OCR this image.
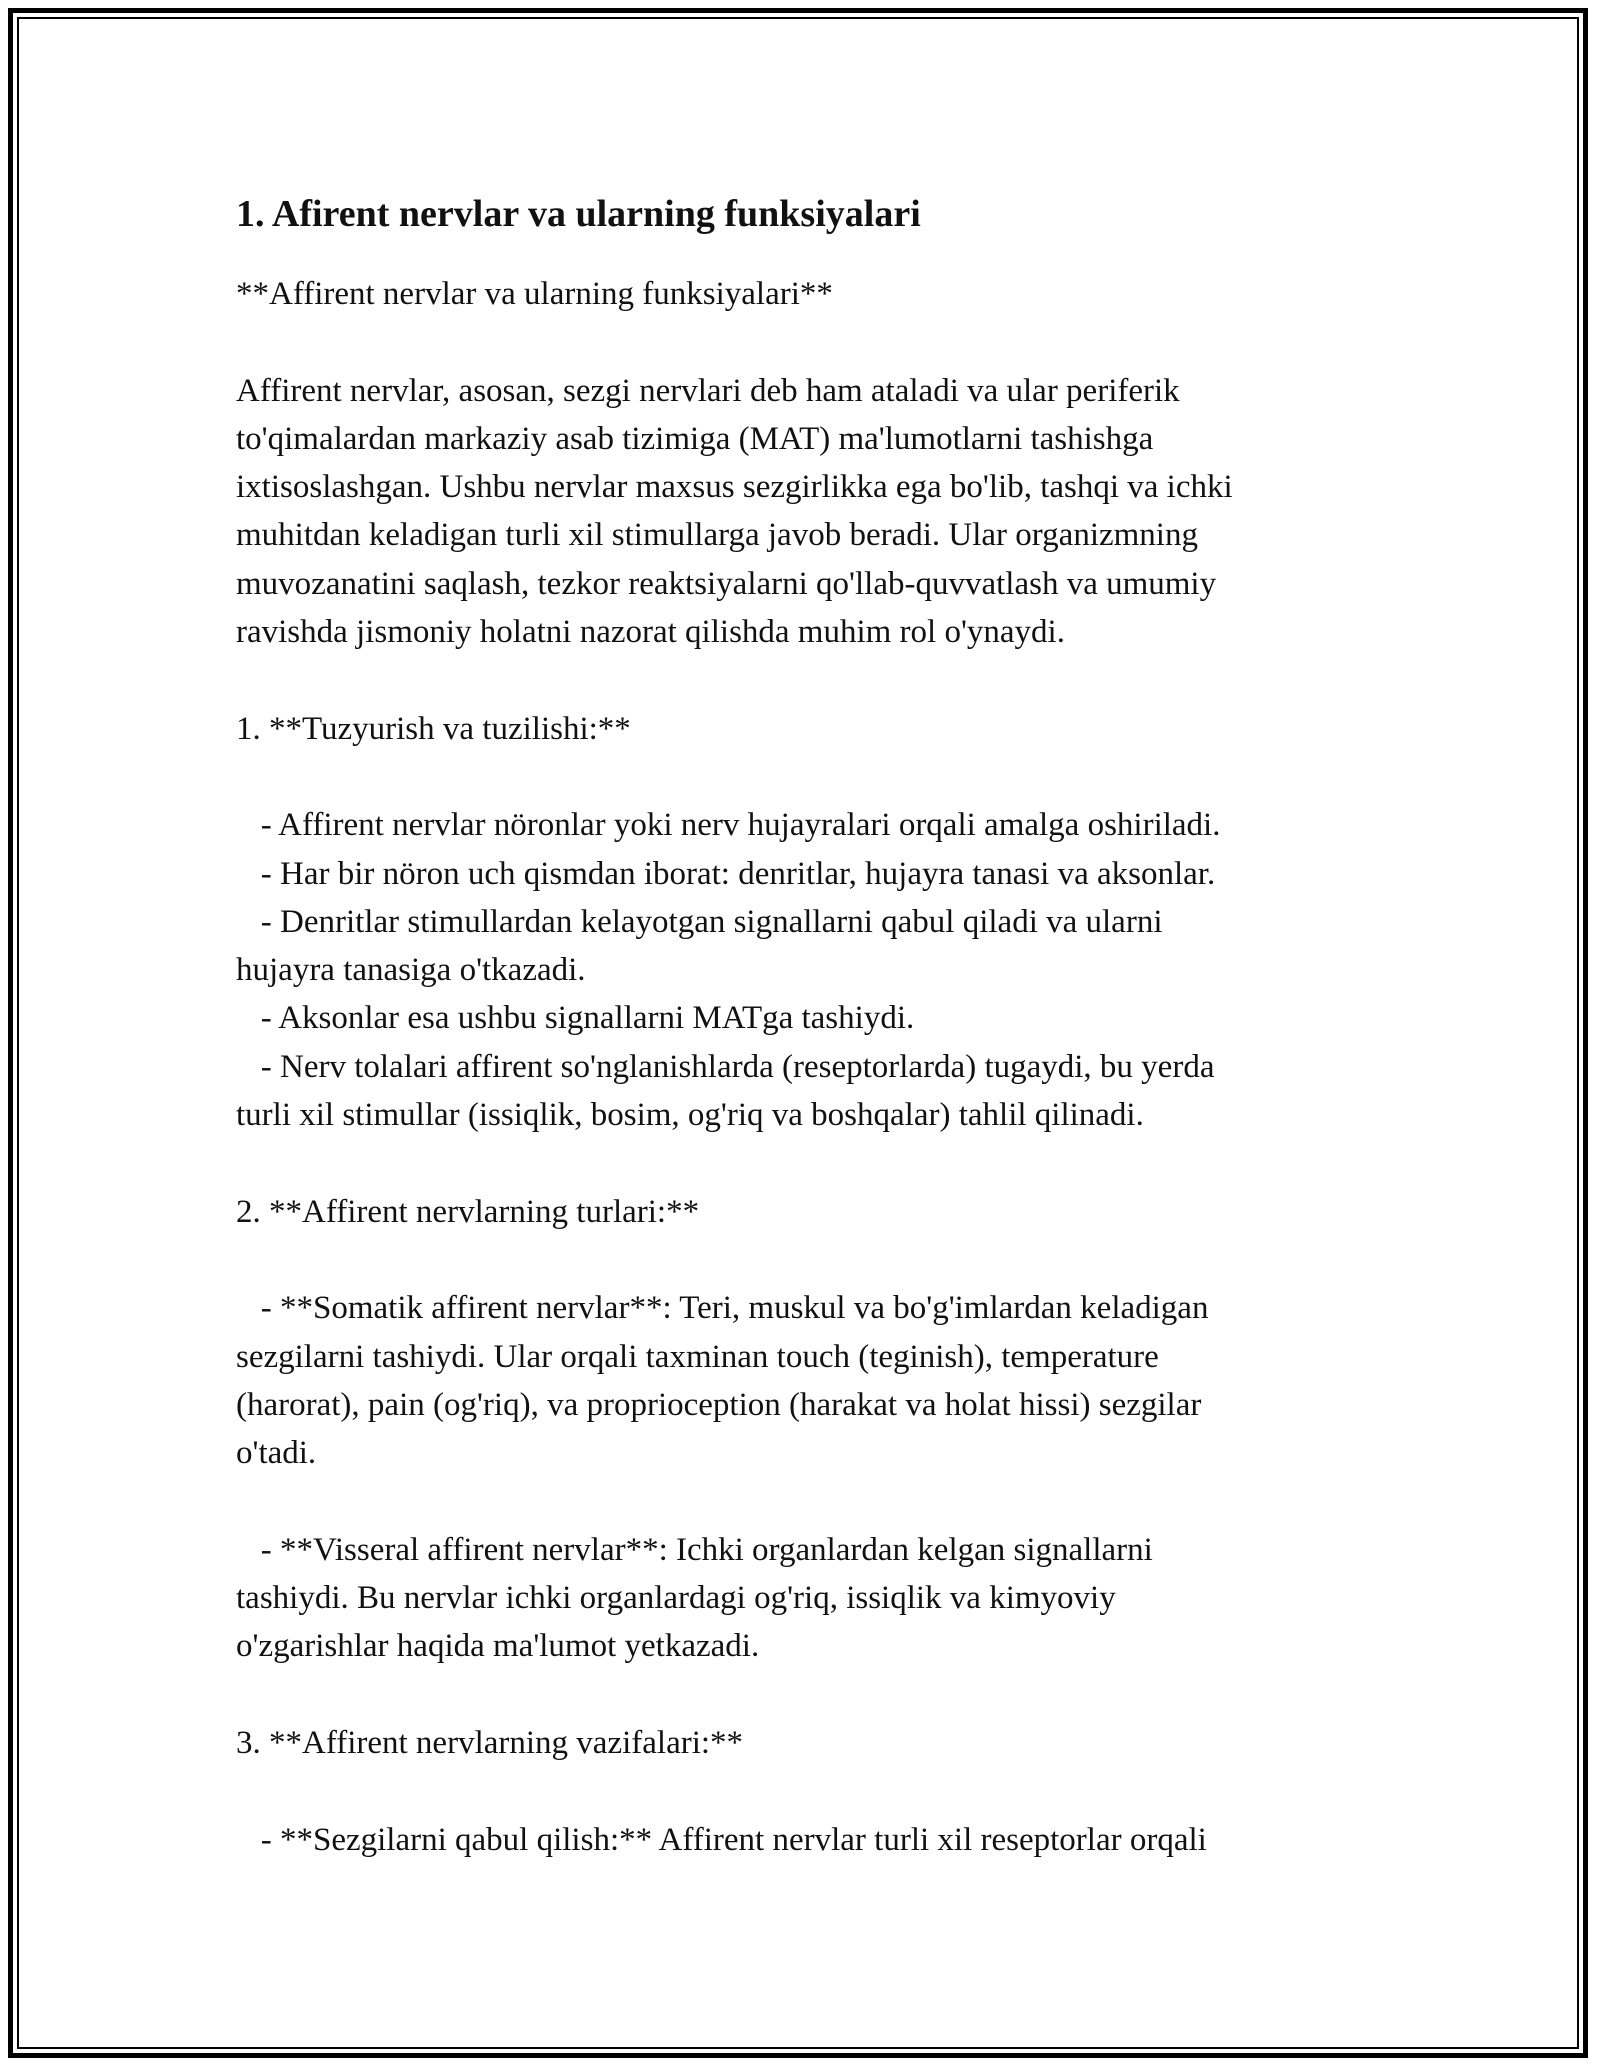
1. Afirent nervlar va ularning funksiyalari
**Affirent nervlar va ularning funksiyalari**
Affirent nervlar, asosan, sezgi nervlari deb ham ataladi va ular periferik
to'qimalardan markaziy asab tizimiga (MAT) ma'lumotlarni tashishga
ixtisoslashgan. Ushbu nervlar maxsus sezgirlikka ega bo'lib, tashqi va ichki
muhitdan keladigan turli xil stimullarga javob beradi. Ular organizmning
muvozanatini saqlash, tezkor reaktsiyalarni qo'llab-quvvatlash va umumiy
ravishda jismoniy holatni nazorat qilishda muhim rol o'ynaydi.
1. **Tuzyurish va tuzilishi:**
- Affirent nervlar nöronlar yoki nerv hujayralari orqali amalga oshiriladi.
- Har bir nöron uch qismdan iborat: denritlar, hujayra tanasi va aksonlar.
- Denritlar stimullardan kelayotgan signallarni qabul qiladi va ularni
hujayra tanasiga o'tkazadi.
- Aksonlar esa ushbu signallarni MATga tashiydi.
- Nerv tolalari affirent so'nglanishlarda (reseptorlarda) tugaydi, bu yerda
turli xil stimullar (issiqlik, bosim, og'riq va boshqalar) tahlil qilinadi.
2. **Affirent nervlarning turlari:**
- **Somatik affirent nervlar**: Teri, muskul va bo'g'imlardan keladigan
sezgilarni tashiydi. Ular orqali taxminan touch (teginish), temperature
(harorat), pain (og'riq), va proprioception (harakat va holat hissi) sezgilar
o'tadi.
- **Visseral affirent nervlar**: Ichki organlardan kelgan signallarni
tashiydi. Bu nervlar ichki organlardagi og'riq, issiqlik va kimyoviy
o'zgarishlar haqida ma'lumot yetkazadi.
3. **Affirent nervlarning vazifalari:**
- **Sezgilarni qabul qilish:** Affirent nervlar turli xil reseptorlar orqali
